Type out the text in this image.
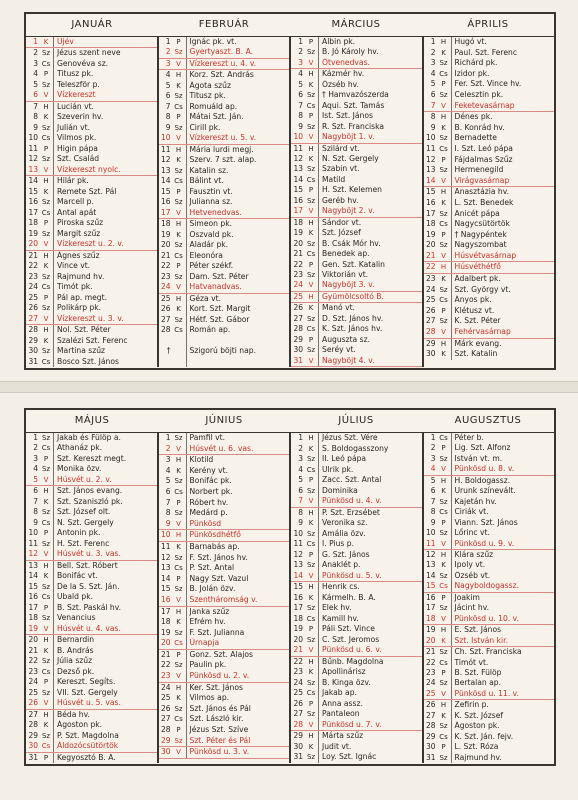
JANUÁR	FEBRUÁR	MÁRCIUS	ÁPRILIS
1 K	Ujév
2 Sz Jézus szent neve
3 Cs Genovéva sz.
4 P	Titusz pk.
5 Sz Teleszför p.
6 V	Vízkereszt
7 H	Lucián vt.
8 K	Szeverin hv.
9 Sz Julián vt.
10 Cs Vilmos pk.
11 P	Higin pápa
12 Sz Szt. Család
13 V	Vízkereszt nyolc.
14 H	Hilár pk.
15 K	Remete Szt. Pál
16 Sz Marcell p.
17 Cs Antal apát
18 P	Piroska szűz
19 Sz Margit szűz
20 V	Vízkereszt u. 2. v.
21 H	Ágnes szűz
22 K	Vince vt.
23 Sz Rajmund hv.
24 Cs Timót pk.
25 P	Pál ap. megt.
26 Sz Polikárp pk.
27 V	Vízkereszt u. 3. v.
28 H	Nol. Szt. Péter
29 K	Szalézi Szt. Ferenc
30 Sz Martina szűz
31 Cs Bosco Szt. János
1 P	Ignác pk. vt.
2 Sz Gyertyaszt. B. A.
3 V	Vízkereszt u. 4. v.
4 H	Korz. Szt. András
5 K	Ágota szűz
6 Sz Titusz pk.
7 Cs Romuáld ap.
8 P	Mátai Szt. Ján.
9 Sz Cirill pk.
10 V	Vízkereszt u. 5. v.
11 H	Mária lurdi megj.
12 K	Szerv. 7 szt. alap.
13 Sz Katalin sz.
14 Cs Bálint vt.
15 P	Fausztin vt.
16 Sz Julianna sz.
17 V	Hetvenedvas.
18 H	Simeon pk.
19 K	Oszvald pk.
20 Sz Aladár pk.
21 Cs Eleonóra
22 P	Péter székf.
23 Sz Dam. Szt. Péter
24 V	Hatvanadvas.
25 H	Géza vt.
26 K	Kort. Szt. Margit
27 Sz Hétf. Szt. Gábor
28 Cs Román ap.
†	Szigorú böjti nap.
1 P	Albin pk.
2 Sz B. Jó Károly hv.
3 V	Ötvenedvas.
4 H	Kázmér hv.
5 K	Özséb hv.
6 Sz † Hamvazószerda
7 Cs Aqui. Szt. Tamás
8 P	Ist. Szt. János
9 Sz R. Szt. Franciska
10 V	Nagyböjt 1. v.
11 H	Szilárd vt.
12 K	N. Szt. Gergely
13 Sz Szabin vt.
14 Cs Matild
15 P	H. Szt. Kelemen
16 Sz Geréb hv.
17 V	Nagyböjt 2. v.
18 H	Sándor vt.
19 K	Szt. József
20 Sz B. Csák Mór hv.
21 Cs Benedek ap.
22 P	Gen. Szt. Katalin
23 Sz Viktorián vt.
24 V	Nagyböjt 3. v.
25 H	Gyümölcsoltó B.
26 K	Manó vt.
27 Sz D. Szt. János hv.
28 Cs K. Szt. János hv.
29 P	Auguszta sz.
30 Sz Seréy vt.
31 V	Nagyböjt 4. v.
1 H	Hugó vt.
2 K	Paul. Szt. Ferenc
3 Sz Richárd pk.
4 Cs Izidor pk.
5 P	Fer. Szt. Vince hv.
6 Sz Celesztin pk.
7 V	Feketevasárnap
8 H	Dénes pk.
9 K	B. Konrád hv.
10 Sz Bernadette
11 Cs I. Szt. Leó pápa
12 P	Fájdalmas Szűz
13 Sz Hermenegild
14 V	Virágvasárnap
15 H	Anasztázia hv.
16 K	L. Szt. Benedek
17 Sz Anicét pápa
18 Cs Nagycsütörtök
19 P	† Nagypéntek
20 Sz Nagyszombat
21 V	Húsvétvasárnap
22 H	Húsvéthétfő
23 K	Adalbert pk.
24 Sz Szt. György vt.
25 Cs Ányos pk.
26 P	Klétusz vt.
27 Sz K. Szt. Péter
28 V	Fehérvasárnap
29 H	Márk evang.
30 K	Szt. Katalin
MÁJUS	JÚNIUS	JÚLIUS	AUGUSZTUS
1 Sz Jakab és Fülöp a.
2 Cs Athanáz pk.
3 P	Szt. Kereszt megt.
4 Sz Monika özv.
5 V	Húsvét u. 2. v.
6 H	Szt. János evang.
7 K	Szt. Szaniszló pk.
8 Sz Szt. József olt.
9 Cs N. Szt. Gergely
10 P	Antonin pk.
11 Sz H. Szt. Ferenc
12 V	Húsvét u. 3. vas.
13 H	Bell. Szt. Róbert
14 K	Bonifác vt.
15 Sz De la S. Szt. Ján.
16 Cs Ubald pk.
17 P	B. Szt. Paskál hv.
18 Sz Venancius
19 V	Húsvét u. 4. vas.
20 H	Bernardin
21 K	B. András
22 Sz Júlia szűz
23 Cs Dezső pk.
24 P	Kereszt. Segíts.
25 Sz VII. Szt. Gergely
26 V	Húsvét u. 5. vas.
27 H	Béda hv.
28 K	Ágoston pk.
29 Sz P. Szt. Magdolna
30 Cs Áldozócsütörtök
31 P	Kegyosztó B. A.
1 Sz Pamfil vt.
2 V	Húsvét u. 6. vas.
3 H	Klotild
4 K	Kerény vt.
5 Sz Bonifác pk.
6 Cs Norbert pk.
7 P	Róbert hv.
8 Sz Medárd p.
9 V	Pünkösd
10 H	Pünkösdhétfő
11 K	Barnabás ap.
12 Sz F. Szt. János hv.
13 Cs P. Szt. Antal
14 P	Nagy Szt. Vazul
15 Sz B. Jolán özv.
16 V	Szentháromság v.
17 H	Janka szűz
18 K	Efrém hv.
19 Sz F. Szt. Julianna
20 Cs Úrnapja
21 P	Gonz. Szt. Alajos
22 Sz Paulin pk.
23 V	Pünkösd u. 2. v.
24 H	Ker. Szt. János
25 K	Vilmos ap.
26 Sz Szt. János és Pál
27 Cs Szt. László kir.
28 P	Jézus Szt. Szíve
29 Sz Szt. Péter és Pál
30 V	Pünkösd u. 3. v.
1 H	Jézus Szt. Vére
2 K	S. Boldogasszony
3 Sz II. Leó pápa
4 Cs Ulrik pk.
5 P	Zacc. Szt. Antal
6 Sz Dominika
7 V	Pünkösd u. 4. v.
8 H	P. Szt. Erzsébet
9 K	Veronika sz.
10 Sz Amália özv.
11 Cs I. Pius p.
12 P	G. Szt. János
13 Sz Anaklét p.
14 V	Pünkösd u. 5. v.
15 H	Henrik cs.
16 K	Kármelh. B. A.
17 Sz Elek hv.
18 Cs Kamill hv.
19 P	Páli Szt. Vince
20 Sz C. Szt. Jeromos
21 V	Pünkösd u. 6. v.
22 H	Bűnb. Magdolna
23 K	Apollinárisz
24 Sz B. Kinga özv.
25 Cs Jakab ap.
26 P	Anna assz.
27 Sz Pantaleon
28 V	Pünkösd u. 7. v.
29 H	Márta szűz
30 K	Judit vt.
31 Sz Loy. Szt. Ignác
1 Cs Péter b.
2 P	Lig. Szt. Alfonz
3 Sz István vt. m.
4 V	Pünkösd u. 8. v.
5 H	H. Boldogassz.
6 K	Urunk színevált.
7 Sz Kajetán hv.
8 Cs Ciriák vt.
9 P	Viann. Szt. János
10 Sz Lőrinc vt.
11 V	Pünkösd u. 9. v.
12 H	Klára szűz
13 K	Ipoly vt.
14 Sz Özséb vt.
15 Cs Nagyboldogassz.
16 P	Joakim
17 Sz Jácint hv.
18 V	Pünkösd u. 10. v.
19 H	E. Szt. János
20 K	Szt. István kir.
21 Sz Ch. Szt. Franciska
22 Cs Timót vt.
23 P	B. Szt. Fülöp
24 Sz Bertalan ap.
25 V	Pünkösd u. 11. v.
26 H	Zefirin p.
27 K	K. Szt. József
28 Sz Ágoston pk.
29 Cs K. Szt. Ján. fejv.
30 P	L. Szt. Róza
31 Sz Rajmund hv.
